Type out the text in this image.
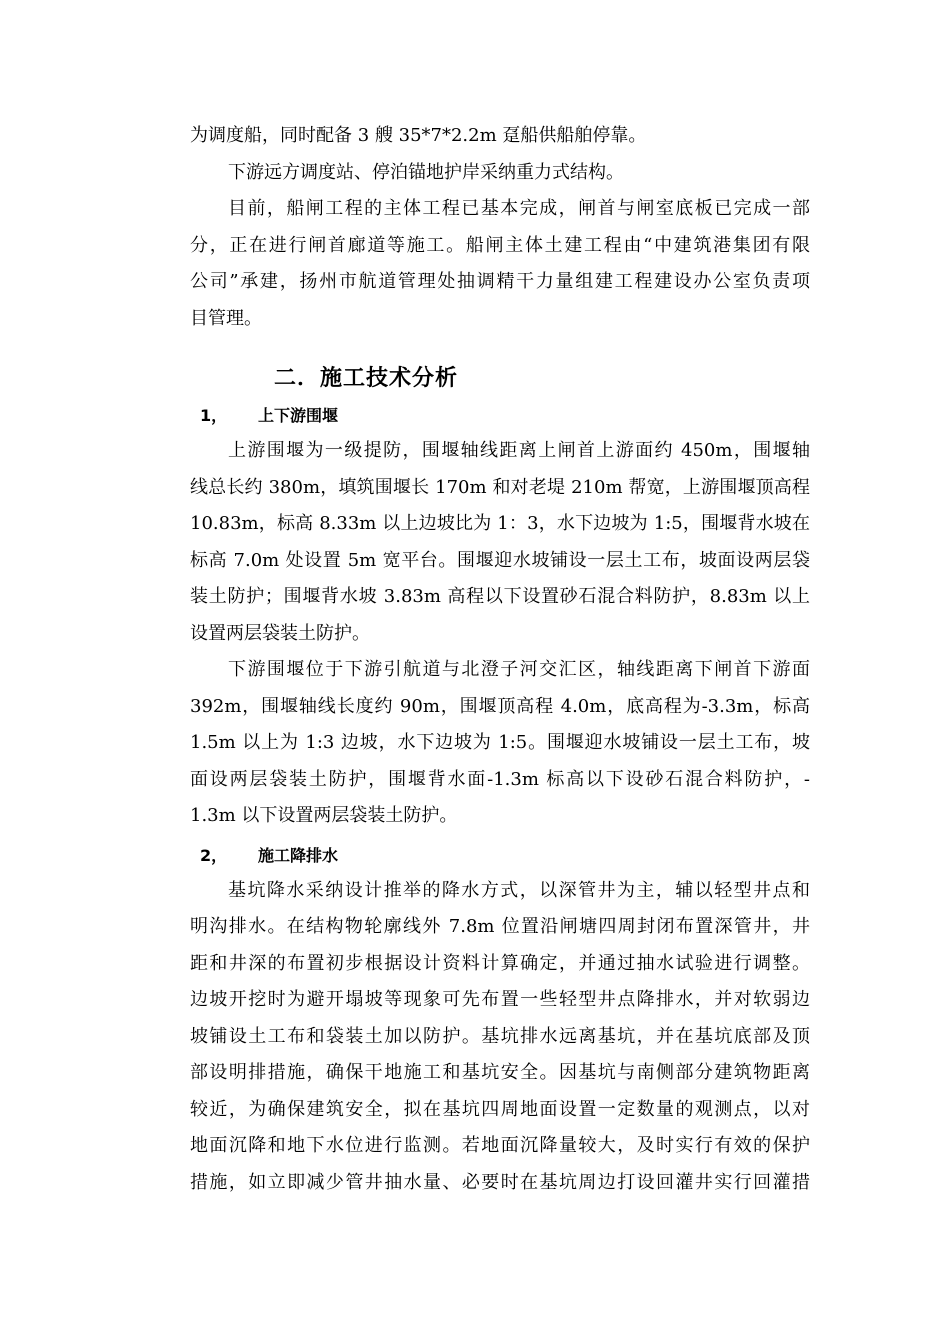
为调度船，同时配备 3 艘 35*7*2.2m 趸船供船舶停靠。
下游远方调度站、停泊锚地护岸采纳重力式结构。
目前，船闸工程的主体工程已基本完成，闸首与闸室底板已完成一部
分，正在进行闸首廊道等施工。船闸主体土建工程由“中建筑港集团有限
公司”承建，扬州市航道管理处抽调精干力量组建工程建设办公室负责项
目管理。
二．施工技术分析
1， 上下游围堰
上游围堰为一级提防，围堰轴线距离上闸首上游面约 450m，围堰轴
线总长约 380m，填筑围堰长 170m 和对老堤 210m 帮宽，上游围堰顶高程
10.83m，标高 8.33m 以上边坡比为 1：3，水下边坡为 1:5，围堰背水坡在
标高 7.0m 处设置 5m 宽平台。围堰迎水坡铺设一层土工布，坡面设两层袋
装土防护；围堰背水坡 3.83m 高程以下设置砂石混合料防护，8.83m 以上
设置两层袋装土防护。
下游围堰位于下游引航道与北澄子河交汇区，轴线距离下闸首下游面
392m，围堰轴线长度约 90m，围堰顶高程 4.0m，底高程为-3.3m，标高
1.5m 以上为 1:3 边坡，水下边坡为 1:5。围堰迎水坡铺设一层土工布，坡
面设两层袋装土防护，围堰背水面-1.3m 标高以下设砂石混合料防护，-
1.3m 以下设置两层袋装土防护。
2， 施工降排水
基坑降水采纳设计推举的降水方式，以深管井为主，辅以轻型井点和
明沟排水。在结构物轮廓线外 7.8m 位置沿闸塘四周封闭布置深管井，井
距和井深的布置初步根据设计资料计算确定，并通过抽水试验进行调整。
边坡开挖时为避开塌坡等现象可先布置一些轻型井点降排水，并对软弱边
坡铺设土工布和袋装土加以防护。基坑排水远离基坑，并在基坑底部及顶
部设明排措施，确保干地施工和基坑安全。因基坑与南侧部分建筑物距离
较近，为确保建筑安全，拟在基坑四周地面设置一定数量的观测点，以对
地面沉降和地下水位进行监测。若地面沉降量较大，及时实行有效的保护
措施，如立即减少管井抽水量、必要时在基坑周边打设回灌井实行回灌措
